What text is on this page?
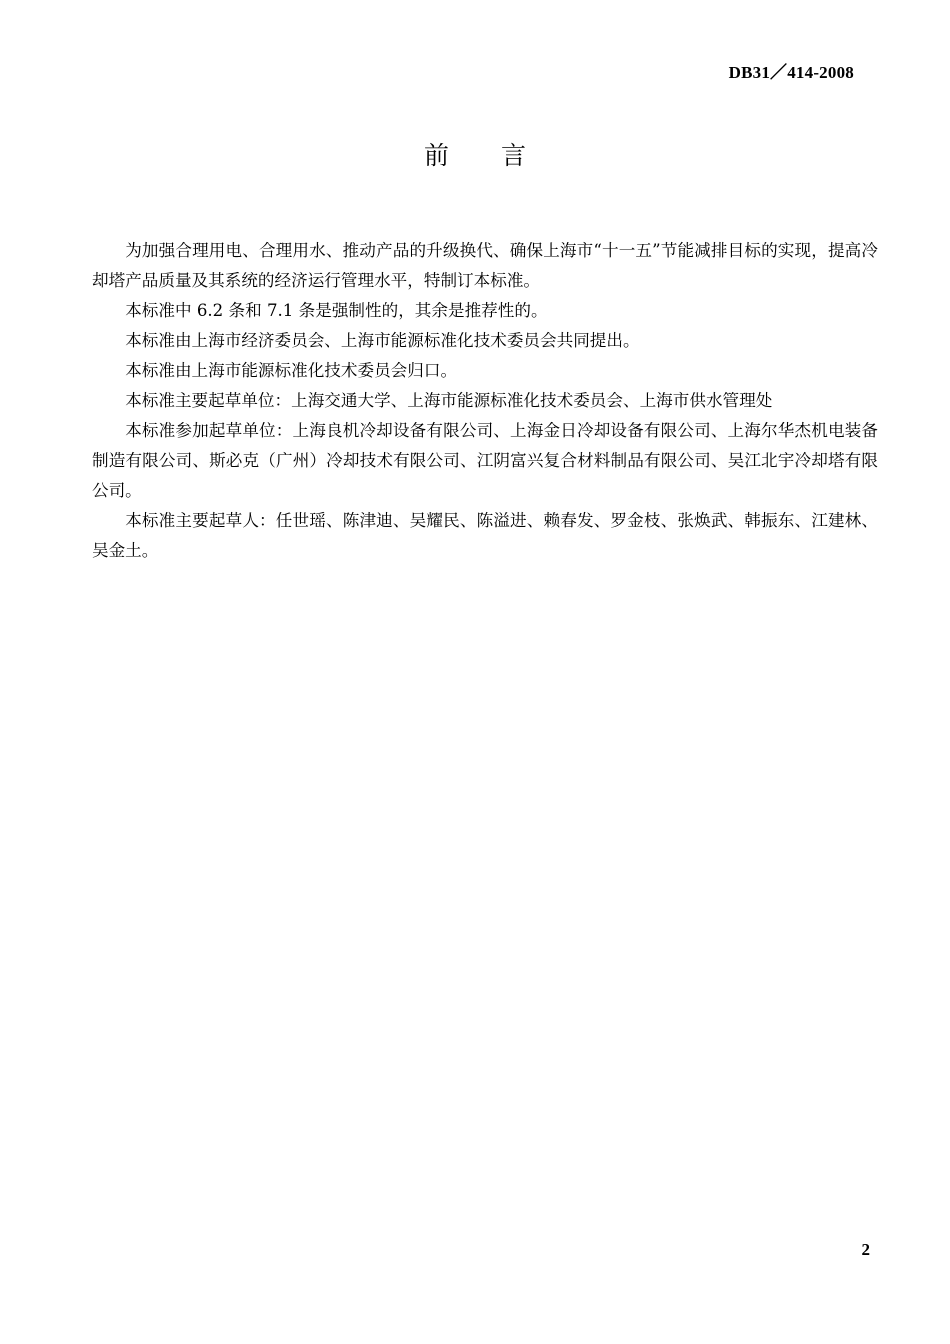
DB31／414-2008
前 言

为加强合理用电、合理用水、推动产品的升级换代、确保上海市“十一五”节能减排目标的实现，提高冷却塔产品质量及其系统的经济运行管理水平，特制订本标准。

本标准中 6.2 条和 7.1 条是强制性的，其余是推荐性的。

本标准由上海市经济委员会、上海市能源标准化技术委员会共同提出。

本标准由上海市能源标准化技术委员会归口。

本标准主要起草单位：上海交通大学、上海市能源标准化技术委员会、上海市供水管理处

本标准参加起草单位：上海良机冷却设备有限公司、上海金日冷却设备有限公司、上海尔华杰机电装备制造有限公司、斯必克（广州）冷却技术有限公司、江阴富兴复合材料制品有限公司、吴江北宇冷却塔有限公司。

本标准主要起草人：任世瑶、陈津迪、吴耀民、陈溢进、赖春发、罗金枝、张焕武、韩振东、江建林、吴金土。

2
